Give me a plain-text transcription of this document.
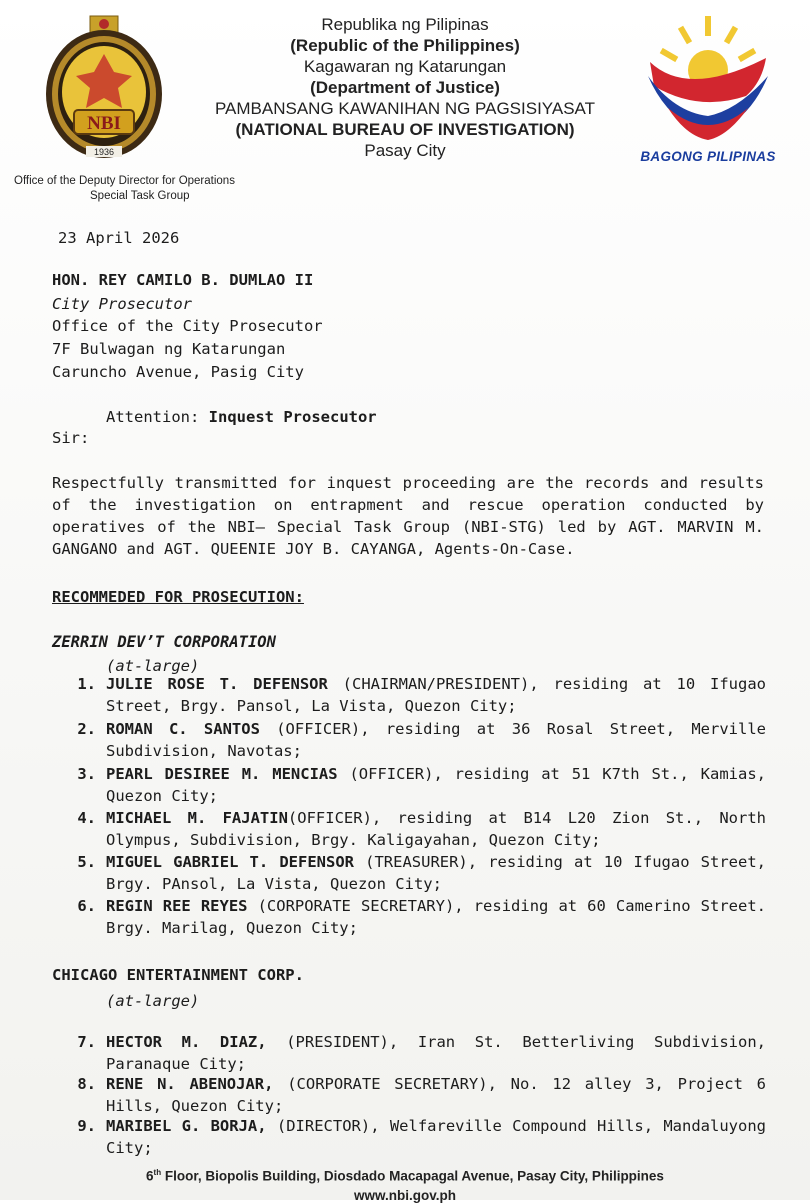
NBI
1936
Republika ng Pilipinas
(Republic of the Philippines)
Kagawaran ng Katarungan
(Department of Justice)
PAMBANSANG KAWANIHAN NG PAGSISIYASAT
(NATIONAL BUREAU OF INVESTIGATION)
Pasay City	BAGONG PILIPINAS
Office of the Deputy Director for Operations
Special Task Group
23 April 2026
HON. REY CAMILO B. DUMLAO II
City Prosecutor
Office of the City Prosecutor
7F Bulwagan ng Katarungan
Caruncho Avenue, Pasig City
Attention: Inquest Prosecutor
Sir:
Respectfully transmitted for inquest proceeding are the records and results of the investigation on entrapment and rescue operation conducted by operatives of the NBI– Special Task Group (NBI-STG) led by AGT. MARVIN M. GANGANO and AGT. QUEENIE JOY B. CAYANGA, Agents-On-Case.
RECOMMEDED FOR PROSECUTION:
ZERRIN DEV’T CORPORATION
(at-large)
1. JULIE ROSE T. DEFENSOR (CHAIRMAN/PRESIDENT), residing at 10 Ifugao Street, Brgy. Pansol, La Vista, Quezon City;
2. ROMAN C. SANTOS (OFFICER), residing at 36 Rosal Street, Merville Subdivision, Navotas;
3. PEARL DESIREE M. MENCIAS (OFFICER), residing at 51 K7th St., Kamias, Quezon City;
4. MICHAEL M. FAJATIN(OFFICER), residing at B14 L20 Zion St., North Olympus, Subdivision, Brgy. Kaligayahan, Quezon City;
5. MIGUEL GABRIEL T. DEFENSOR (TREASURER), residing at 10 Ifugao Street, Brgy. PAnsol, La Vista, Quezon City;
6. REGIN REE REYES (CORPORATE SECRETARY), residing at 60 Camerino Street. Brgy. Marilag, Quezon City;
CHICAGO ENTERTAINMENT CORP.
(at-large)
7. HECTOR M. DIAZ, (PRESIDENT), Iran St. Betterliving Subdivision, Paranaque City;
8. RENE N. ABENOJAR, (CORPORATE SECRETARY), No. 12 alley 3, Project 6 Hills, Quezon City;
9. MARIBEL G. BORJA, (DIRECTOR), Welfareville Compound Hills, Mandaluyong City;
6th Floor, Biopolis Building, Diosdado Macapagal Avenue, Pasay City, Philippines
www.nbi.gov.ph
